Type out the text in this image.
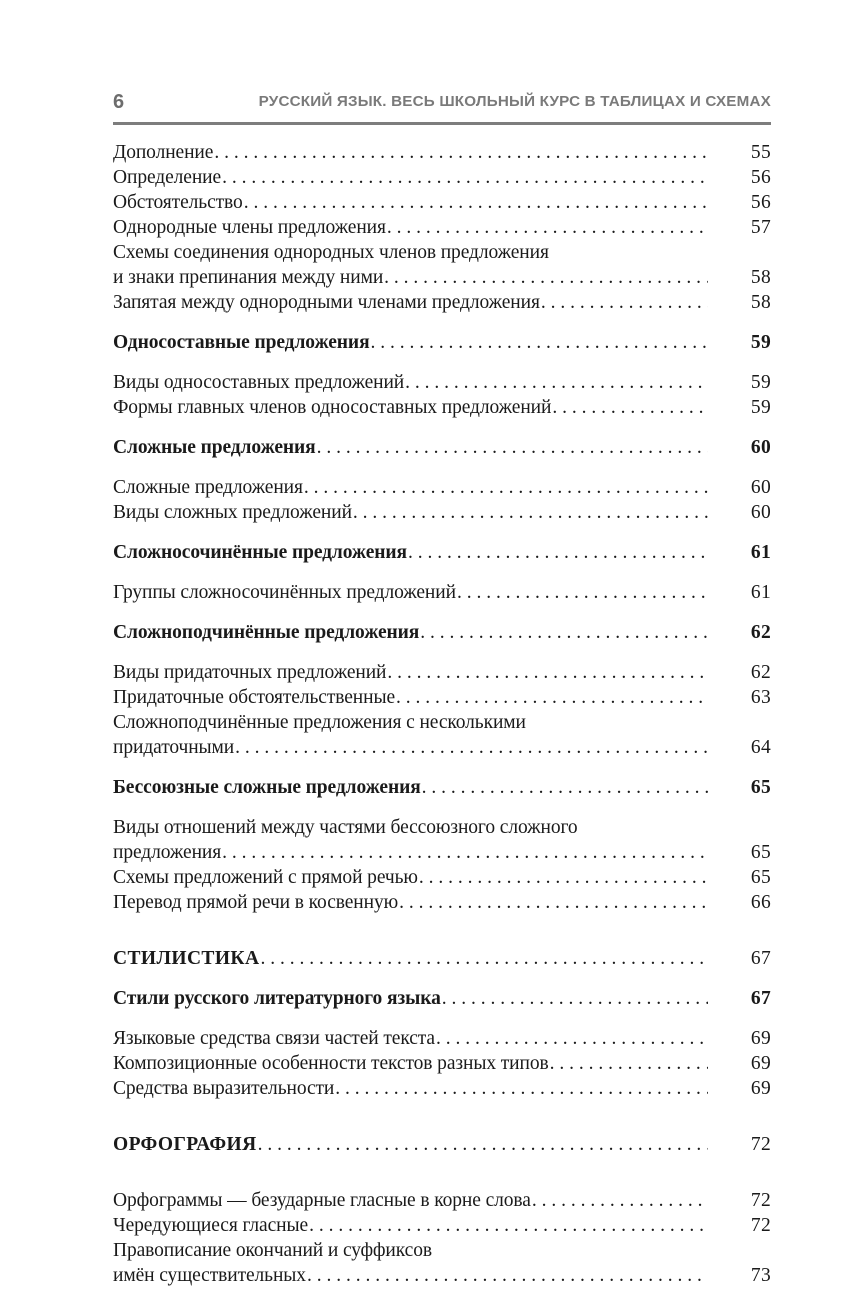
6	РУССКИЙ ЯЗЫК. ВЕСЬ ШКОЛЬНЫЙ КУРС В ТАБЛИЦАХ И СХЕМАХ
Дополнение . . .	55
Определение . . .	56
Обстоятельство . . .	56
Однородные члены предложения . . .	57
Схемы соединения однородных членов предложения
и знаки препинания между ними . . .	58
Запятая между однородными членами предложения . . .	58
Односоставные предложения . . .	59
Виды односоставных предложений . . .	59
Формы главных членов односоставных предложений . . .	59
Сложные предложения . . .	60
Сложные предложения . . .	60
Виды сложных предложений . . .	60
Сложносочинённые предложения . . .	61
Группы сложносочинённых предложений . . .	61
Сложноподчинённые предложения . . .	62
Виды придаточных предложений . . .	62
Придаточные обстоятельственные . . .	63
Сложноподчинённые предложения с несколькими
придаточными . . .	64
Бессоюзные сложные предложения . . .	65
Виды отношений между частями бессоюзного сложного
предложения . . .	65
Схемы предложений с прямой речью . . .	65
Перевод прямой речи в косвенную . . .	66
СТИЛИСТИКА . . .	67
Стили русского литературного языка . . .	67
Языковые средства связи частей текста . . .	69
Композиционные особенности текстов разных типов . . .	69
Средства выразительности . . .	69
ОРФОГРАФИЯ . . .	72
Орфограммы — безударные гласные в корне слова . . .	72
Чередующиеся гласные . . .	72
Правописание окончаний и суффиксов
имён существительных . . .	73
